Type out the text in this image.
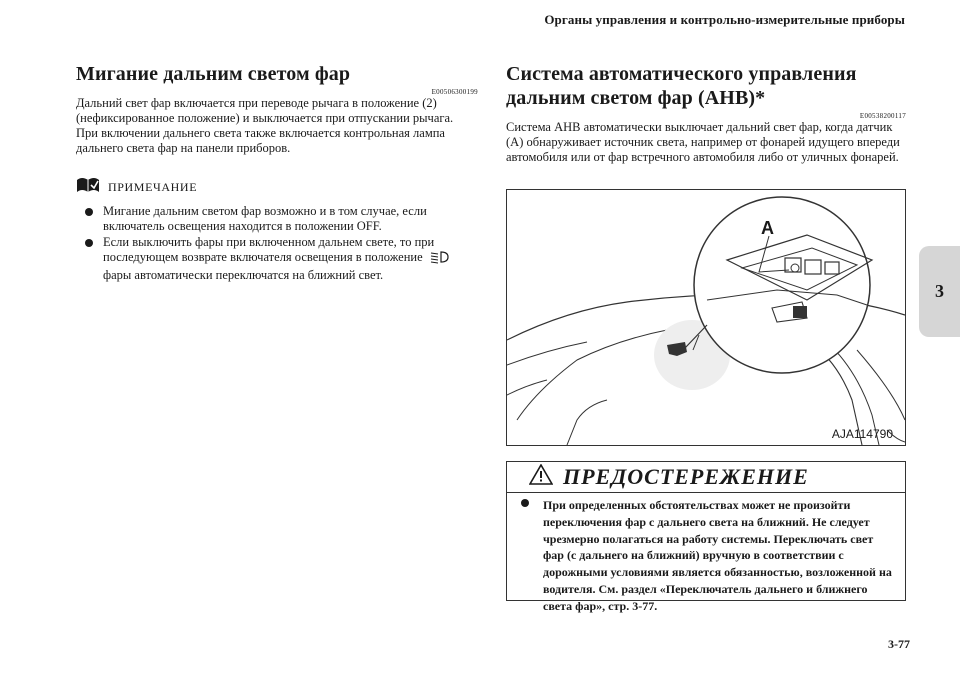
Органы управления и контрольно-измерительные приборы
3
Мигание дальним светом фар
E00506300199

Дальний свет фар включается при переводе рычага в положение (2) (нефиксированное положение) и выключается при отпускании рычага.

При включении дальнего света также включается контрольная лампа дальнего света фар на панели приборов.

ПРИМЕЧАНИЕ
Мигание дальним светом фар возможно и в том случае, если включатель освещения находится в положении OFF.
Если выключить фары при включенном дальнем свете, то при последующем возврате включателя освещения в положение
фары автоматически переключатся на ближний свет.
Система автоматического управления дальним светом фар (AHB)*
E00538200117

Система AHB автоматически выключает дальний свет фар, когда датчик (А) обнаруживает источник света, например от фонарей идущего впереди автомобиля или от фар встречного автомобиля либо от уличных фонарей.

A
AJA114790
ПРЕДОСТЕРЕЖЕНИЕ
При определенных обстоятельствах может не произойти переключения фар с дальнего света на ближний. Не следует чрезмерно полагаться на работу системы. Переключать свет фар (с дальнего на ближний) вручную в соответствии с дорожными условиями является обязанностью, возложенной на водителя. См. раздел «Переключатель дальнего и ближнего света фар», стр. 3-77.
3-77
